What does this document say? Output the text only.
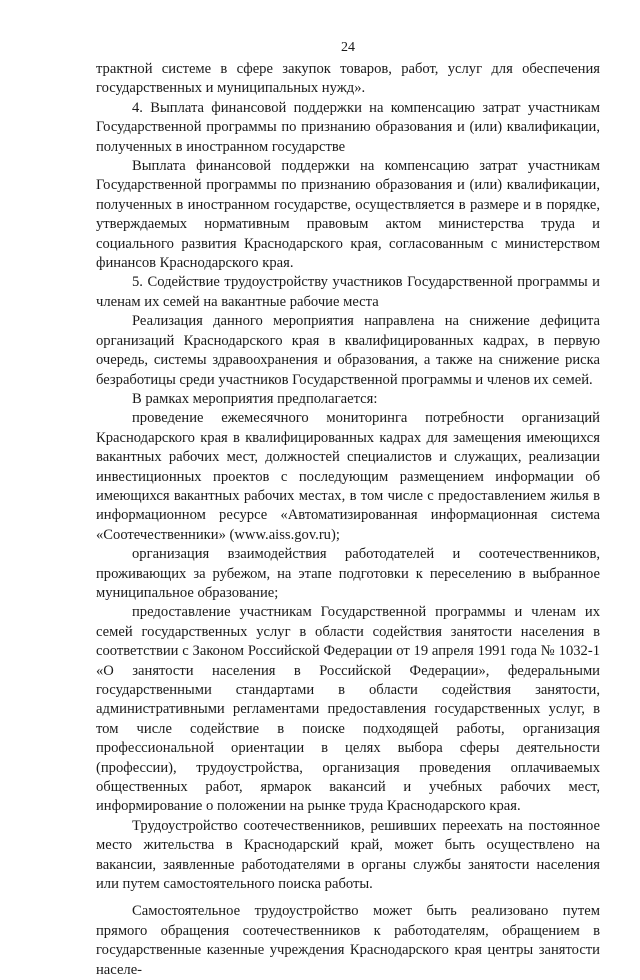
24

трактной системе в сфере закупок товаров, работ, услуг для обеспечения государственных и муниципальных нужд».

4. Выплата финансовой поддержки на компенсацию затрат участникам Государственной программы по признанию образования и (или) квалификации, полученных в иностранном государстве

Выплата финансовой поддержки на компенсацию затрат участникам Государственной программы по признанию образования и (или) квалификации, полученных в иностранном государстве, осуществляется в размере и в порядке, утверждаемых нормативным правовым актом министерства труда и социального развития Краснодарского края, согласованным с министерством финансов Краснодарского края.

5. Содействие трудоустройству участников Государственной программы и членам их семей на вакантные рабочие места

Реализация данного мероприятия направлена на снижение дефицита организаций Краснодарского края в квалифицированных кадрах, в первую очередь, системы здравоохранения и образования, а также на снижение риска безработицы среди участников Государственной программы и членов их семей.

В рамках мероприятия предполагается:

проведение ежемесячного мониторинга потребности организаций Краснодарского края в квалифицированных кадрах для замещения имеющихся вакантных рабочих мест, должностей специалистов и служащих, реализации инвестиционных проектов с последующим размещением информации об имеющихся вакантных рабочих местах, в том числе с предоставлением жилья в информационном ресурсе «Автоматизированная информационная система «Соотечественники» (www.aiss.gov.ru);

организация взаимодействия работодателей и соотечественников, проживающих за рубежом, на этапе подготовки к переселению в выбранное муниципальное образование;

предоставление участникам Государственной программы и членам их семей государственных услуг в области содействия занятости населения в соответствии с Законом Российской Федерации от 19 апреля 1991 года № 1032-1 «О занятости населения в Российской Федерации», федеральными государственными стандартами в области содействия занятости, административными регламентами предоставления государственных услуг, в том числе содействие в поиске подходящей работы, организация профессиональной ориентации в целях выбора сферы деятельности (профессии), трудоустройства, организация проведения оплачиваемых общественных работ, ярмарок вакансий и учебных рабочих мест, информирование о положении на рынке труда Краснодарского края.

Трудоустройство соотечественников, решивших переехать на постоянное место жительства в Краснодарский край, может быть осуществлено на вакансии, заявленные работодателями в органы службы занятости населения или путем самостоятельного поиска работы.

Самостоятельное трудоустройство может быть реализовано путем прямого обращения соотечественников к работодателям, обращением в государственные казенные учреждения Краснодарского края центры занятости населе-
